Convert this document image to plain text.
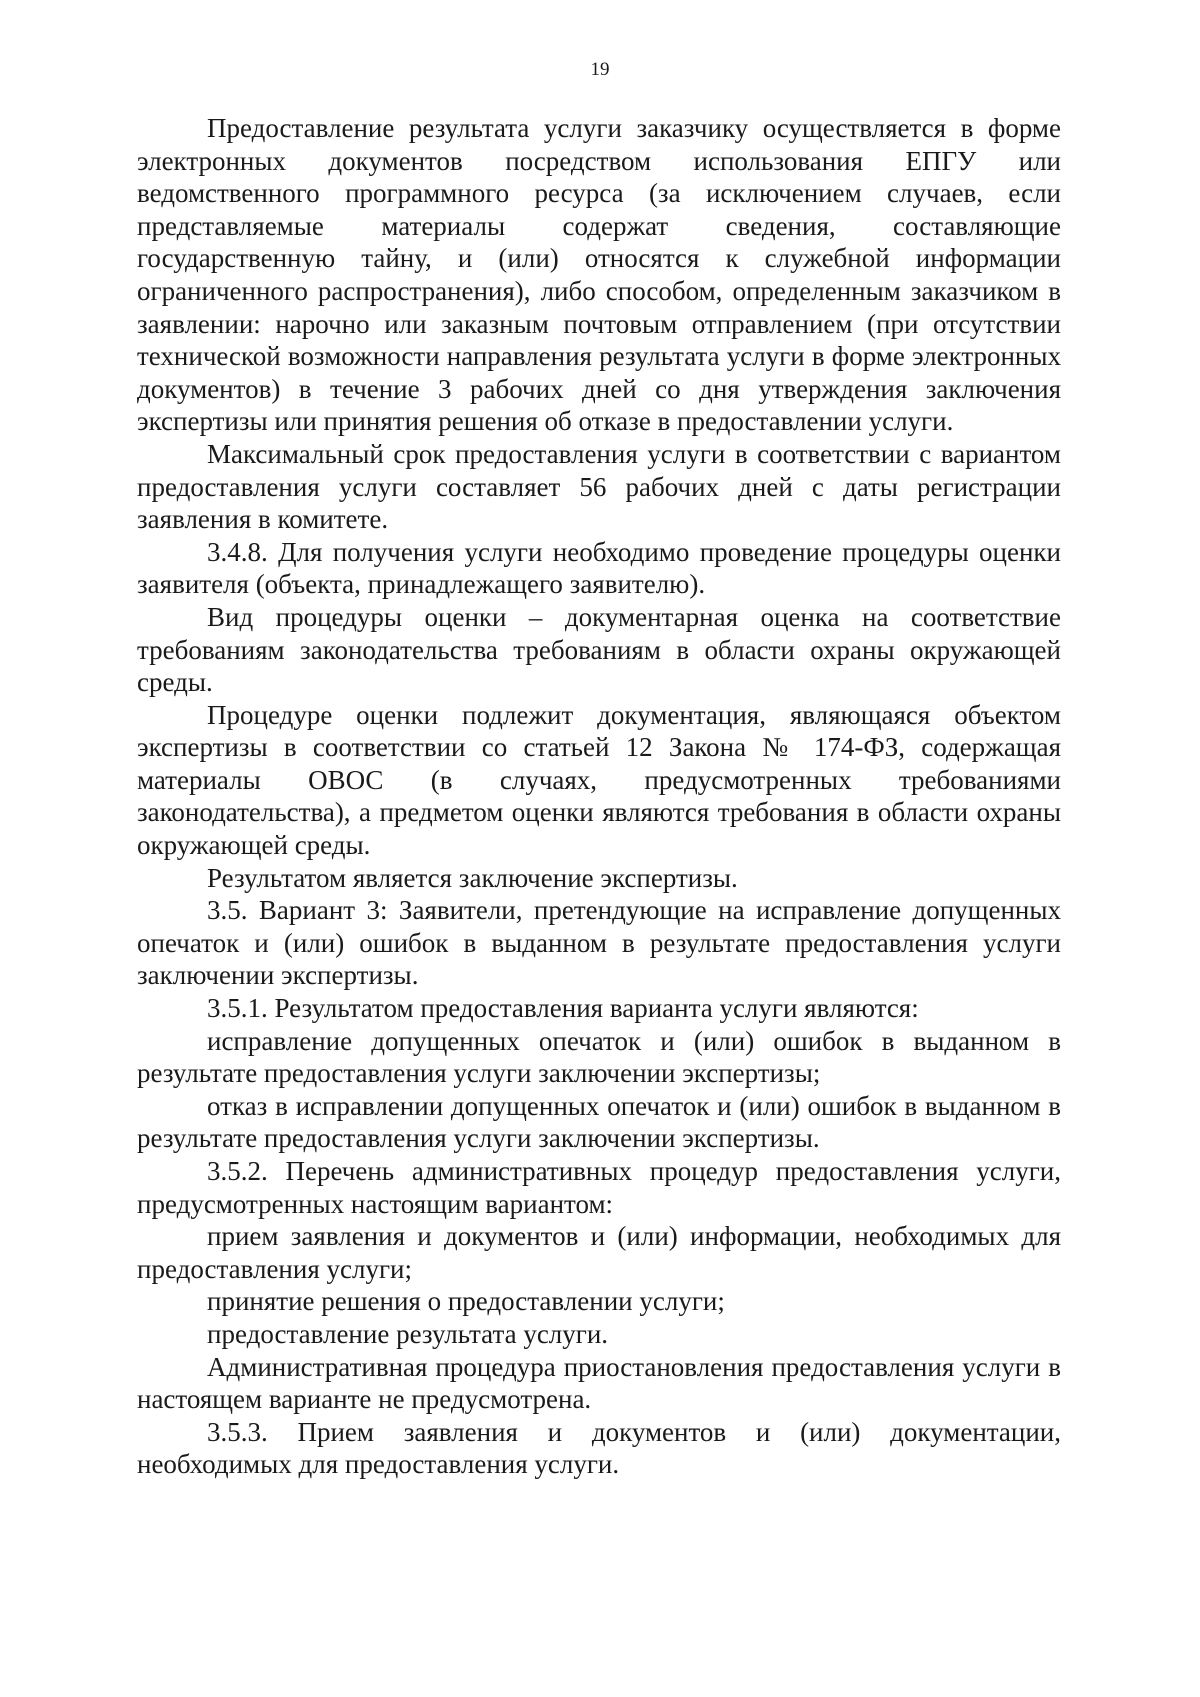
19

Предоставление результата услуги заказчику осуществляется в форме электронных документов посредством использования ЕПГУ или ведомственного программного ресурса (за исключением случаев, если представляемые материалы содержат сведения, составляющие государственную тайну, и (или) относятся к служебной информации ограниченного распространения), либо способом, определенным заказчиком в заявлении: нарочно или заказным почтовым отправлением (при отсутствии технической возможности направления результата услуги в форме электронных документов) в течение 3 рабочих дней со дня утверждения заключения экспертизы или принятия решения об отказе в предоставлении услуги.

Максимальный срок предоставления услуги в соответствии с вариантом предоставления услуги составляет 56 рабочих дней с даты регистрации заявления в комитете.

3.4.8. Для получения услуги необходимо проведение процедуры оценки заявителя (объекта, принадлежащего заявителю).

Вид процедуры оценки – документарная оценка на соответствие требованиям законодательства требованиям в области охраны окружающей среды.

Процедуре оценки подлежит документация, являющаяся объектом экспертизы в соответствии со статьей 12 Закона № 174-ФЗ, содержащая материалы ОВОС (в случаях, предусмотренных требованиями законодательства), а предметом оценки являются требования в области охраны окружающей среды.

Результатом является заключение экспертизы.

3.5. Вариант 3: Заявители, претендующие на исправление допущенных опечаток и (или) ошибок в выданном в результате предоставления услуги заключении экспертизы.

3.5.1. Результатом предоставления варианта услуги являются:

исправление допущенных опечаток и (или) ошибок в выданном в результате предоставления услуги заключении экспертизы;

отказ в исправлении допущенных опечаток и (или) ошибок в выданном в результате предоставления услуги заключении экспертизы.

3.5.2. Перечень административных процедур предоставления услуги, предусмотренных настоящим вариантом:

прием заявления и документов и (или) информации, необходимых для предоставления услуги;

принятие решения о предоставлении услуги;

предоставление результата услуги.

Административная процедура приостановления предоставления услуги в настоящем варианте не предусмотрена.

3.5.3. Прием заявления и документов и (или) документации, необходимых для предоставления услуги.
